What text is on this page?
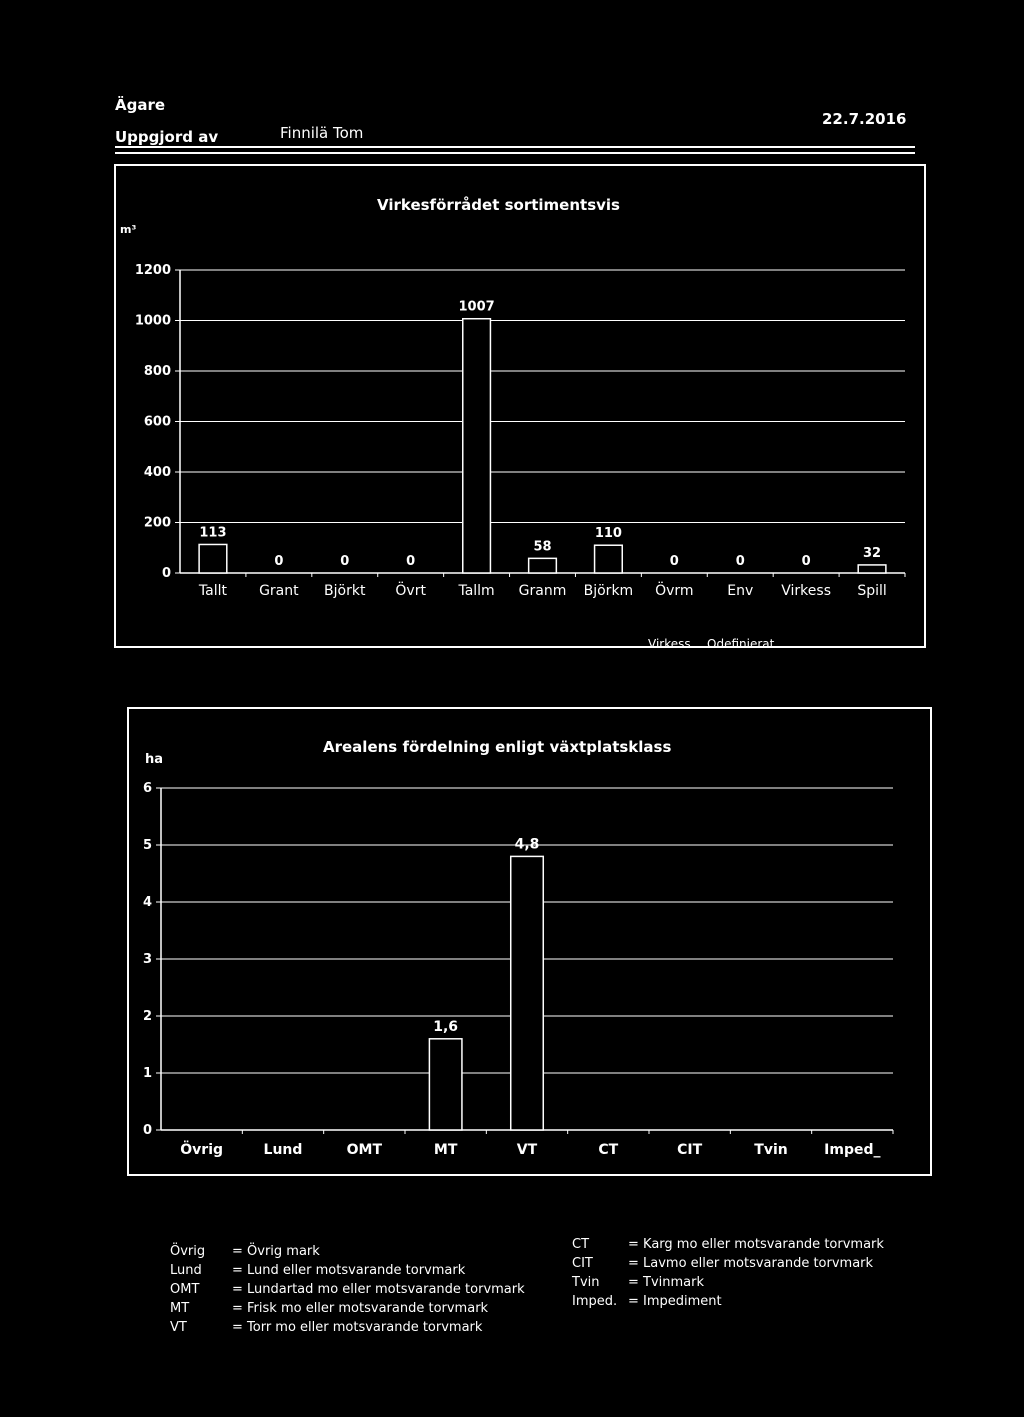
Ägare
Uppgjord av	Finnilä Tom
22.7.2016
Virkesförrådet sortimentsvis
m³
0
200
400
600
800
1000
1200
113
0	0	0
1007
58
110
0	0	0
32
Tallt Grant Björkt Övrt Tallm Granm Björkm Övrm Env Virkess Spill
Virkess. Odefinierat
Arealens fördelning enligt växtplatsklass
ha
0
1
2
3
4
5
6
1,6
4,8
Övrig	Lund	OMT	MT	VT	CT	CIT	Tvin	Imped_
Övrig	= Övrig mark
Lund	= Lund eller motsvarande torvmark
OMT	= Lundartad mo eller motsvarande torvmark
MT	= Frisk mo eller motsvarande torvmark
VT	= Torr mo eller motsvarande torvmark
CT	= Karg mo eller motsvarande torvmark
CIT	= Lavmo eller motsvarande torvmark
Tvin	= Tvinmark
Imped. = Impediment
